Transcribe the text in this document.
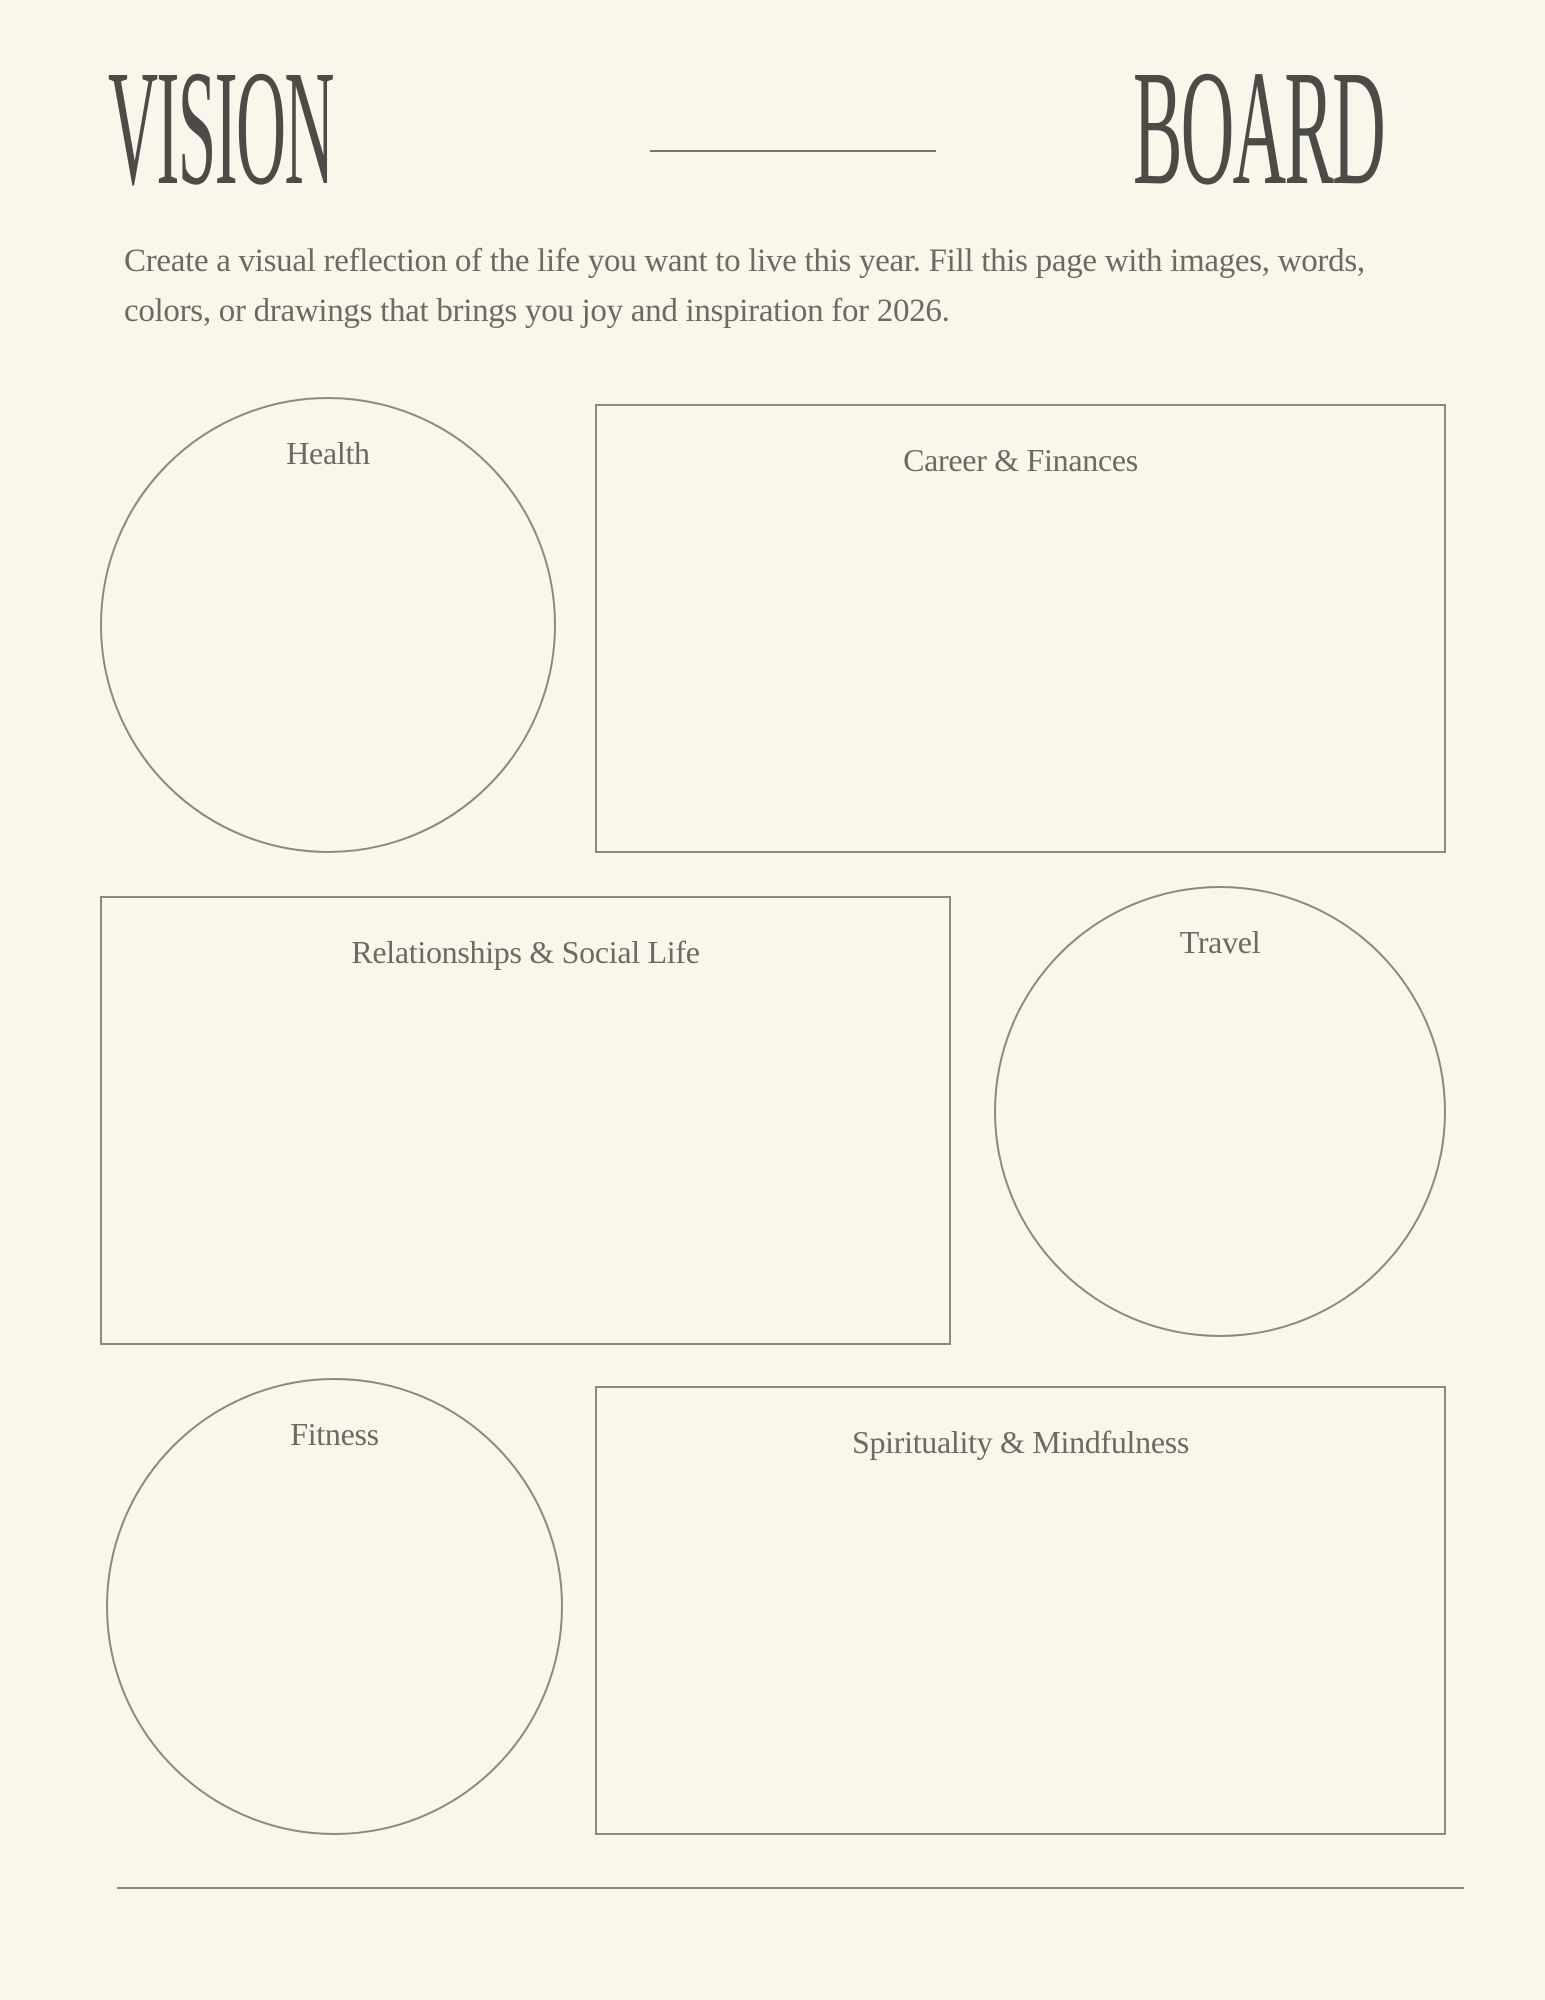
VISION	BOARD

Create a visual reflection of the life you want to live this year. Fill this page with images, words, colors, or drawings that brings you joy and inspiration for 2026.

Health	Career & Finances
Relationships & Social Life	Travel
Fitness	Spirituality & Mindfulness
